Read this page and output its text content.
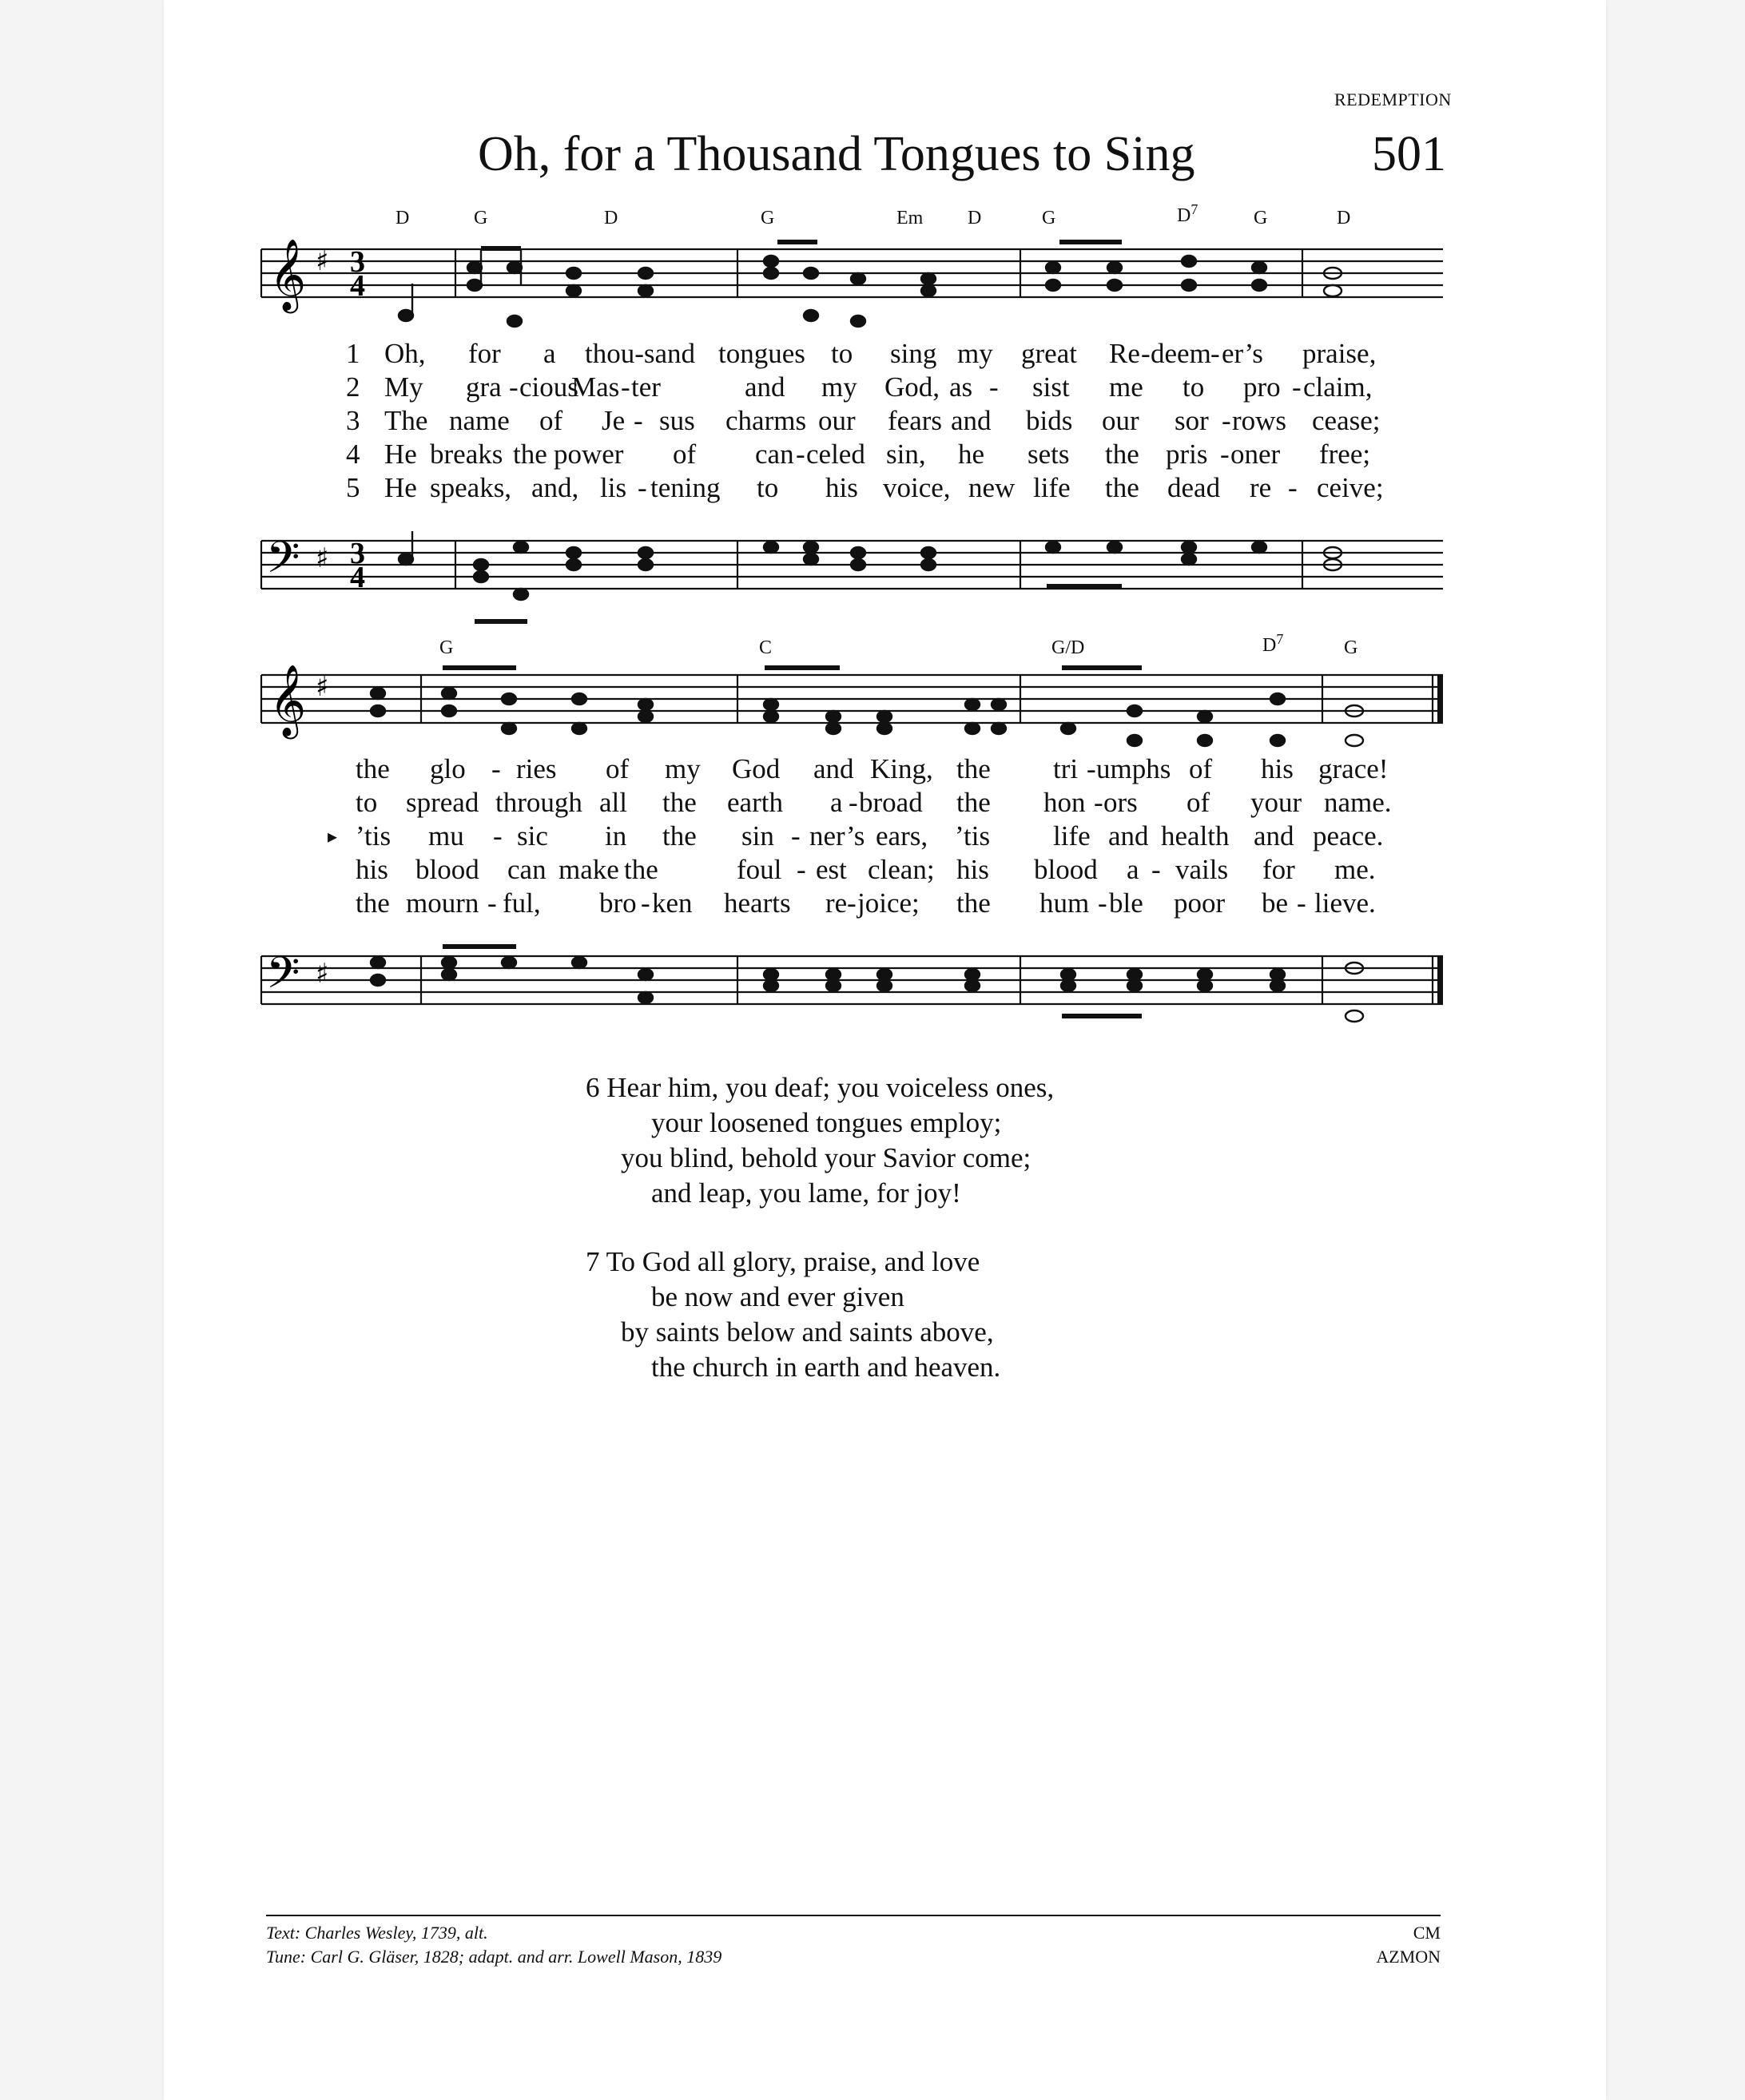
REDEMPTION
Oh, for a Thousand Tongues to Sing	501
D	G	D	G	Em D	G	$D^7$	G	D
𝄞 ♯ 3
4
1 Oh, for a thou-sand tongues to sing my great Re - deem - er’s praise,
2 My gra - cious
Mas - ter	and my God, as - sist me to pro - claim,
3 The name of Je - sus charms our fears and bids our sor - rows cease;
4 He breaks the power of can - celed sin, he sets the pris - oner free;
5 He speaks, and, lis - tening to his voice, new life the dead re - ceive;
𝄢 ♯ 3
4
G	C	G/D	$D^7$	G
𝄞 ♯
the glo - ries of my God and King, the tri - umphs of his grace!
to spread through all the earth a - broad the hon - ors of your name.
▸ ’tis mu - sic in the sin - ner’s ears, ’tis life and health and peace.
his blood can make the	foul - est clean; his blood a - vails for me.
the mourn - ful, bro - ken hearts re - joice; the hum - ble poor be - lieve.
𝄢 ♯
6 Hear him, you deaf; you voiceless ones,
your loosened tongues employ;
you blind, behold your Savior come;
and leap, you lame, for joy!
7 To God all glory, praise, and love
be now and ever given
by saints below and saints above,
the church in earth and heaven.
Text: Charles Wesley, 1739, alt.
Tune: Carl G. Gläser, 1828; adapt. and arr. Lowell Mason, 1839
CM
AZMON
